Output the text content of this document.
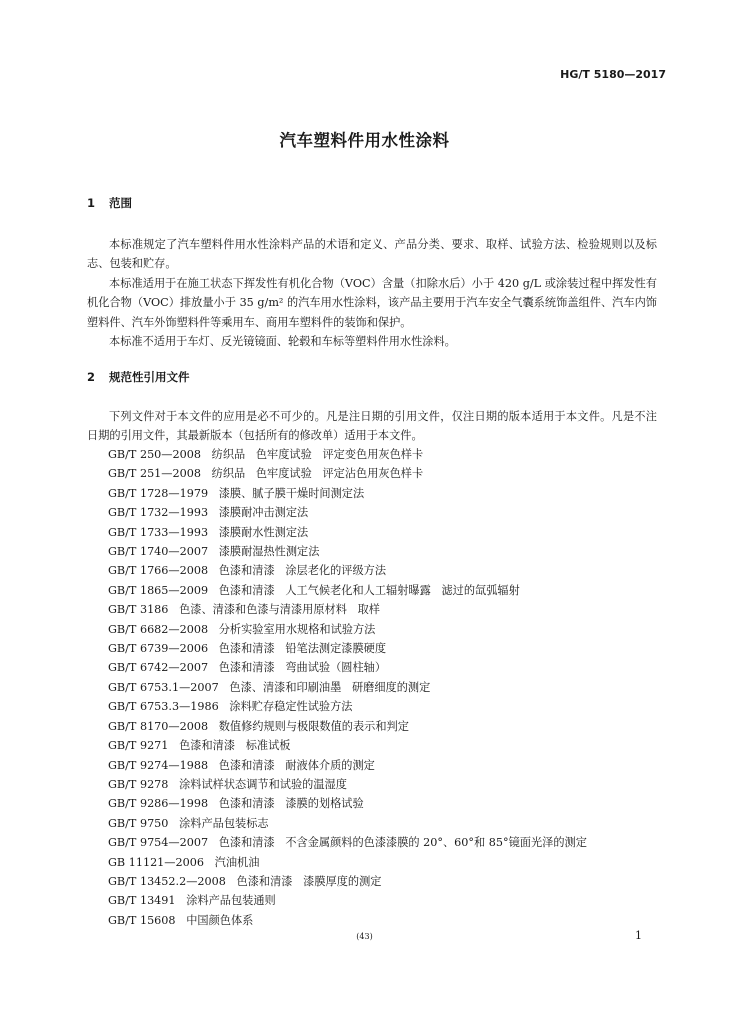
HG/T 5180—2017
汽车塑料件用水性涂料
1 范围

本标准规定了汽车塑料件用水性涂料产品的术语和定义、产品分类、要求、取样、试验方法、检验规则以及标志、包装和贮存。

本标准适用于在施工状态下挥发性有机化合物（VOC）含量（扣除水后）小于 420 g/L 或涂装过程中挥发性有机化合物（VOC）排放量小于 35 g/m² 的汽车用水性涂料，该产品主要用于汽车安全气囊系统饰盖组件、汽车内饰塑料件、汽车外饰塑料件等乘用车、商用车塑料件的装饰和保护。

本标准不适用于车灯、反光镜镜面、轮毂和车标等塑料件用水性涂料。

2 规范性引用文件

下列文件对于本文件的应用是必不可少的。凡是注日期的引用文件，仅注日期的版本适用于本文件。凡是不注日期的引用文件，其最新版本（包括所有的修改单）适用于本文件。

GB/T 250—2008   纺织品   色牢度试验   评定变色用灰色样卡
GB/T 251—2008   纺织品   色牢度试验   评定沾色用灰色样卡
GB/T 1728—1979   漆膜、腻子膜干燥时间测定法
GB/T 1732—1993   漆膜耐冲击测定法
GB/T 1733—1993   漆膜耐水性测定法
GB/T 1740—2007   漆膜耐湿热性测定法
GB/T 1766—2008   色漆和清漆   涂层老化的评级方法
GB/T 1865—2009   色漆和清漆   人工气候老化和人工辐射曝露   滤过的氙弧辐射
GB/T 3186   色漆、清漆和色漆与清漆用原材料   取样
GB/T 6682—2008   分析实验室用水规格和试验方法
GB/T 6739—2006   色漆和清漆   铅笔法测定漆膜硬度
GB/T 6742—2007   色漆和清漆   弯曲试验（圆柱轴）
GB/T 6753.1—2007   色漆、清漆和印刷油墨   研磨细度的测定
GB/T 6753.3—1986   涂料贮存稳定性试验方法
GB/T 8170—2008   数值修约规则与极限数值的表示和判定
GB/T 9271   色漆和清漆   标准试板
GB/T 9274—1988   色漆和清漆   耐液体介质的测定
GB/T 9278   涂料试样状态调节和试验的温湿度
GB/T 9286—1998   色漆和清漆   漆膜的划格试验
GB/T 9750   涂料产品包装标志
GB/T 9754—2007   色漆和清漆   不含金属颜料的色漆漆膜的 20°、60°和 85°镜面光泽的测定
GB 11121—2006   汽油机油
GB/T 13452.2—2008   色漆和清漆   漆膜厚度的测定
GB/T 13491   涂料产品包装通则
GB/T 15608   中国颜色体系
(43)	1
